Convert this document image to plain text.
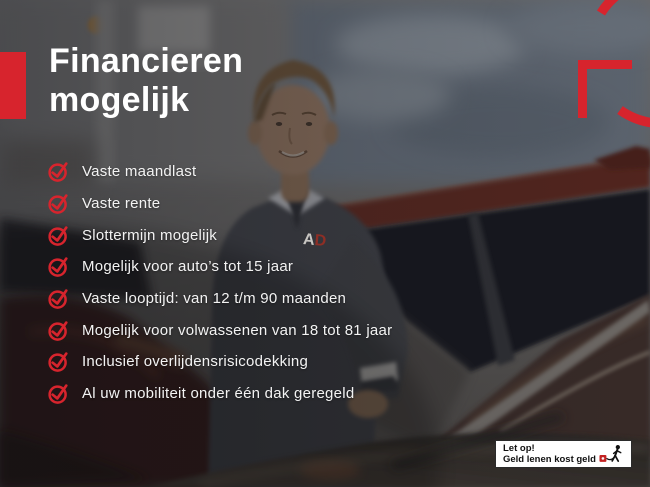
AD
Financieren
mogelijk
Vaste maandlast
Vaste rente
Slottermijn mogelijk
Mogelijk voor auto’s tot 15 jaar
Vaste looptijd: van 12 t/m 90 maanden
Mogelijk voor volwassenen van 18 tot 81 jaar
Inclusief overlijdensrisicodekking
Al uw mobiliteit onder één dak geregeld
Let op!
Geld lenen kost geld
